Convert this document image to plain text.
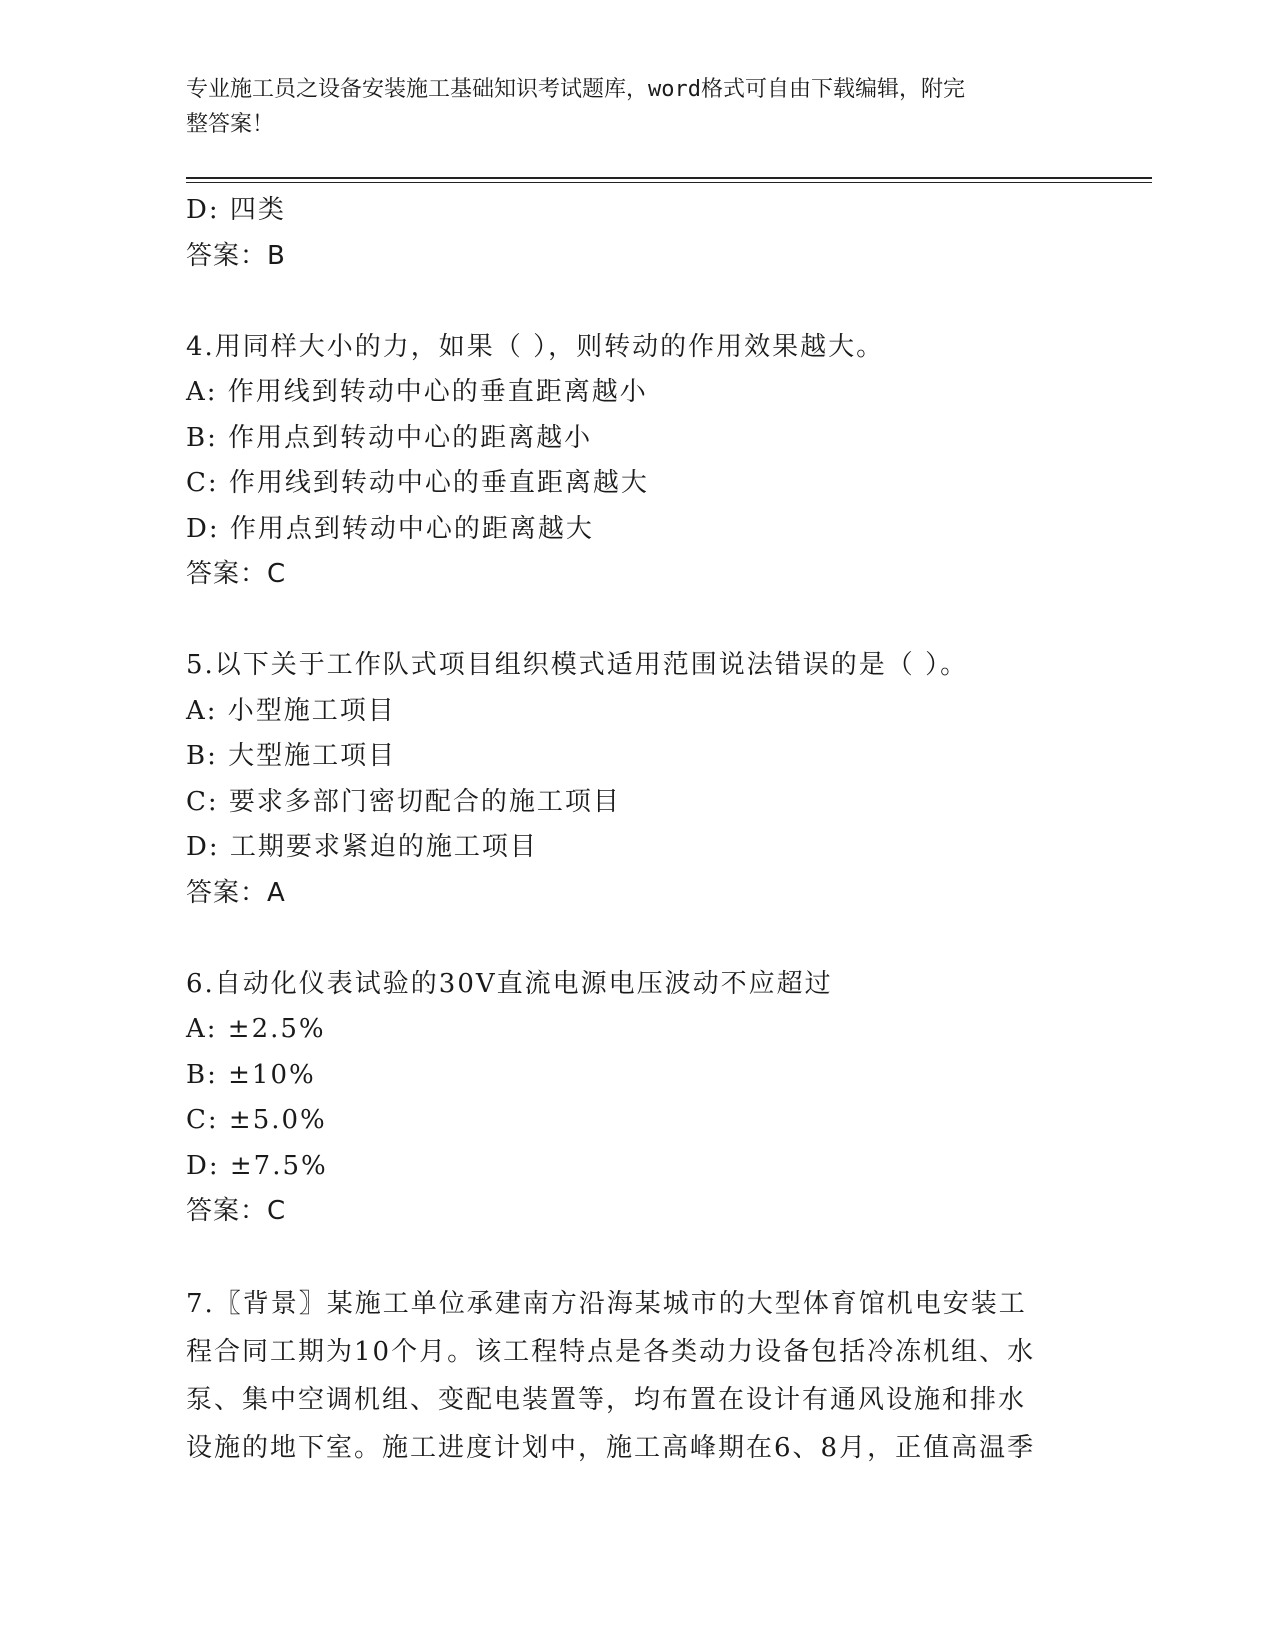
专业施工员之设备安装施工基础知识考试题库，word格式可自由下载编辑，附完
整答案！
D: 四类
答案：B
4.用同样大小的力，如果（ ），则转动的作用效果越大。
A: 作用线到转动中心的垂直距离越小
B: 作用点到转动中心的距离越小
C: 作用线到转动中心的垂直距离越大
D: 作用点到转动中心的距离越大
答案：C
5.以下关于工作队式项目组织模式适用范围说法错误的是（ ）。
A: 小型施工项目
B: 大型施工项目
C: 要求多部门密切配合的施工项目
D: 工期要求紧迫的施工项目
答案：A
6.自动化仪表试验的30V直流电源电压波动不应超过
A: ±2.5%
B: ±10%
C: ±5.0%
D: ±7.5%
答案：C
7.〖背景〗某施工单位承建南方沿海某城市的大型体育馆机电安装工
程合同工期为10个月。该工程特点是各类动力设备包括冷冻机组、水
泵、集中空调机组、变配电装置等，均布置在设计有通风设施和排水
设施的地下室。施工进度计划中，施工高峰期在6、8月，正值高温季
